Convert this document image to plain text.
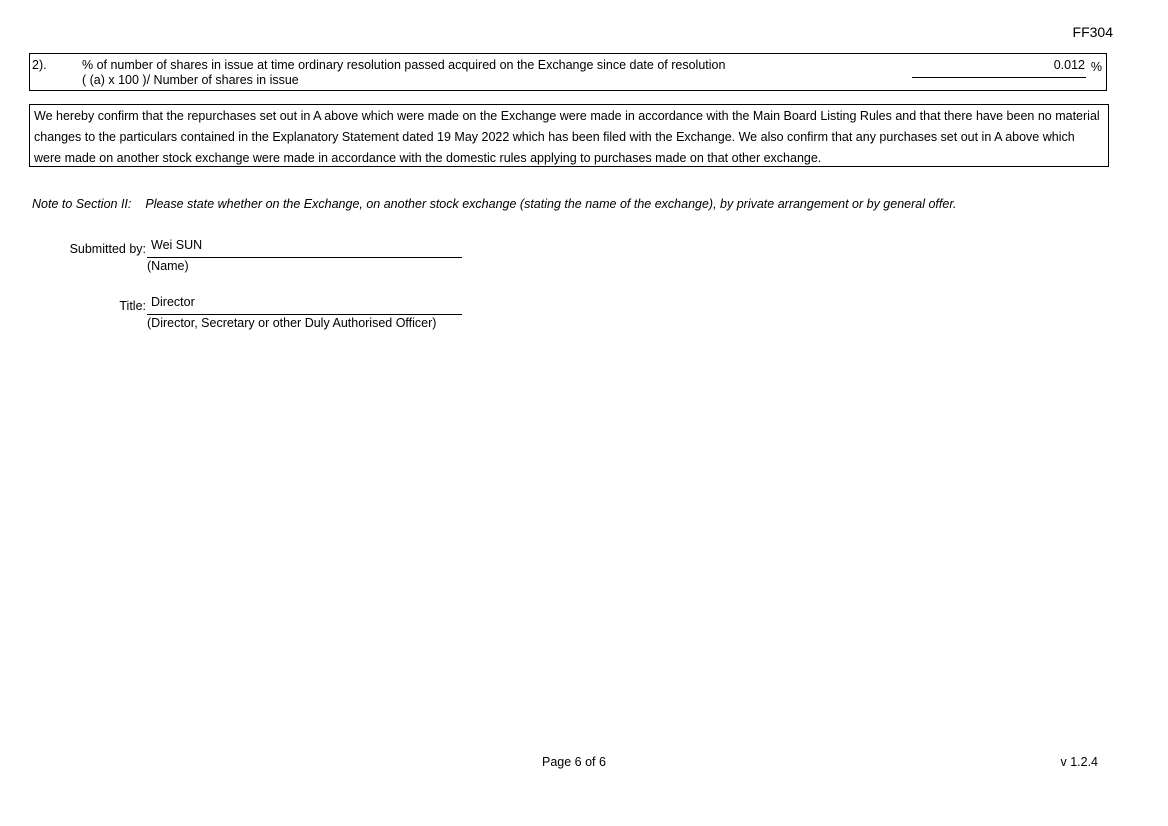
FF304
2).	% of number of shares in issue at time ordinary resolution passed acquired on the Exchange since date of resolution
( (a) x 100 )/ Number of shares in issue
0.012 %
We hereby confirm that the repurchases set out in A above which were made on the Exchange were made in accordance with the Main Board Listing Rules and that there have been no material changes to the particulars contained in the Explanatory Statement dated 19 May 2022 which has been filed with the Exchange. We also confirm that any purchases set out in A above which were made on another stock exchange were made in accordance with the domestic rules applying to purchases made on that other exchange.
Note to Section II: Please state whether on the Exchange, on another stock exchange (stating the name of the exchange), by private arrangement or by general offer.
Submitted by: Wei SUN
(Name)
Title: Director
(Director, Secretary or other Duly Authorised Officer)
Page 6 of 6	v 1.2.4
